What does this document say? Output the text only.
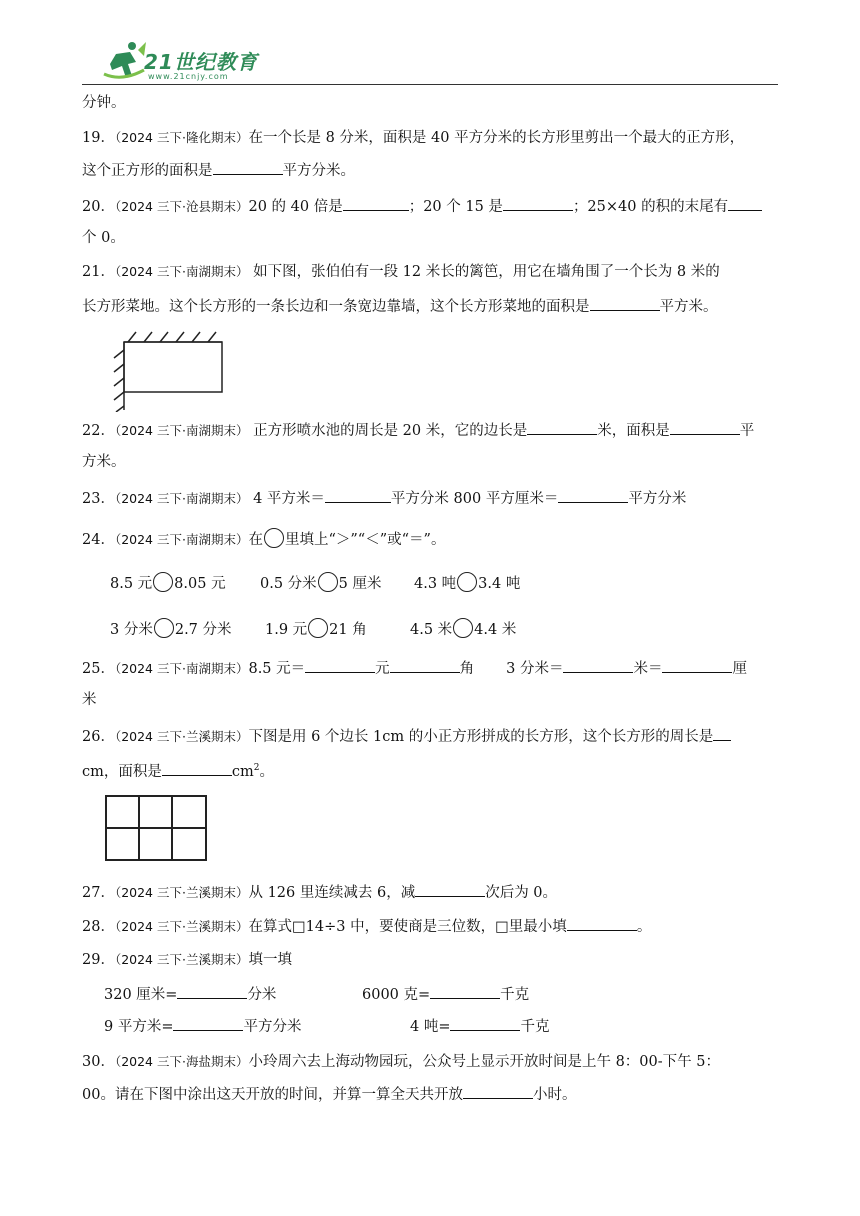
21世纪教育
www.21cnjy.com
分钟。
19．（2024 三下·隆化期末）在一个长是 8 分米，面积是 40 平方分米的长方形里剪出一个最大的正方形，
这个正方形的面积是	平方分米。
20．（2024 三下·沧县期末）20 的 40 倍是	；20 个 15 是	；25×40 的积的末尾有
个 0。
21．（2024 三下·南湖期末） 如下图，张伯伯有一段 12 米长的篱笆，用它在墙角围了一个长为 8 米的
长方形菜地。这个长方形的一条长边和一条宽边靠墙，这个长方形菜地的面积是	平方米。
22．（2024 三下·南湖期末） 正方形喷水池的周长是 20 米，它的边长是	米，面积是	平
方米。
23．（2024 三下·南湖期末） 4 平方米＝	平方分米 800 平方厘米＝	平方分米
24．（2024 三下·南湖期末）在 里填上“＞”“＜”或“＝”。
8.5 元 8.05 元 0.5 分米 5 厘米 4.3 吨 3.4 吨
3 分米 2.7 分米 1.9 元 21 角	4.5 米 4.4 米
25．（2024 三下·南湖期末）8.5 元＝	元	角 3 分米＝	米＝	厘
米
26．（2024 三下·兰溪期末）下图是用 6 个边长 1cm 的小正方形拼成的长方形，这个长方形的周长是
cm，面积是	$cm^2$。
27．（2024 三下·兰溪期末）从 126 里连续减去 6，减	次后为 0。
28．（2024 三下·兰溪期末）在算式□14÷3 中，要使商是三位数，□里最小填	。
29．（2024 三下·兰溪期末）填一填
320 厘米=	分米	6000 克=	千克
9 平方米=	平方分米	4 吨=	千克
30．（2024 三下·海盐期末）小玲周六去上海动物园玩，公众号上显示开放时间是上午 8：00-下午 5：
00。请在下图中涂出这天开放的时间，并算一算全天共开放	小时。
